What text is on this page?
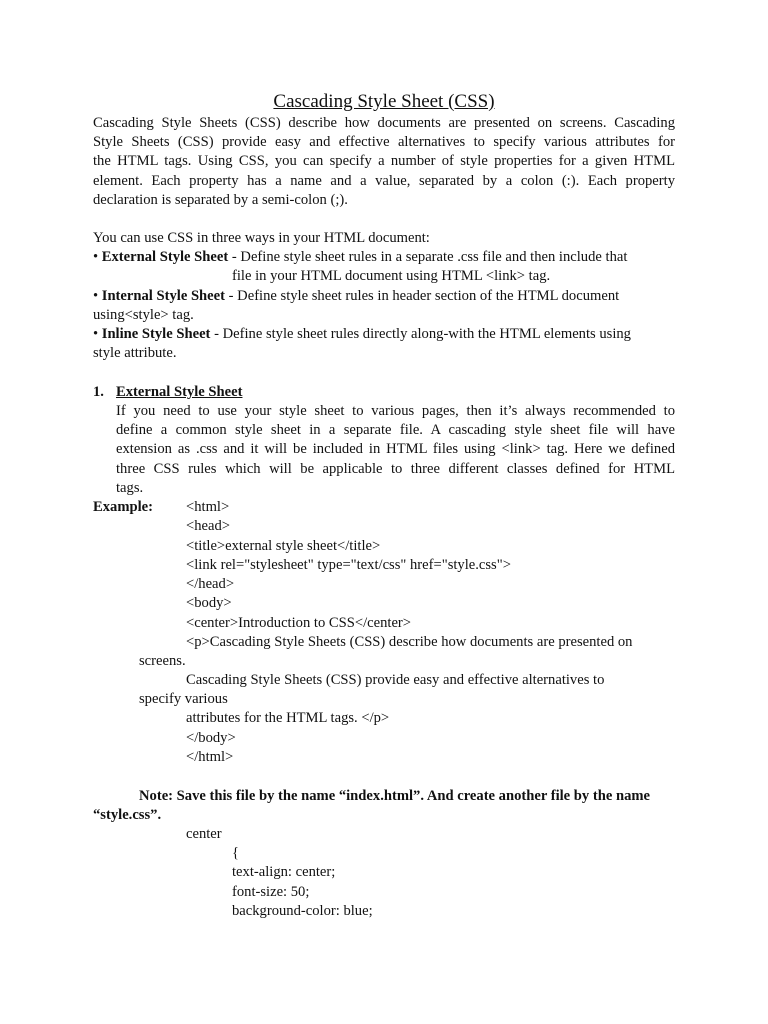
Cascading Style Sheet (CSS)
Cascading Style Sheets (CSS) describe how documents are presented on screens. Cascading
Style Sheets (CSS) provide easy and effective alternatives to specify various attributes for
the HTML tags. Using CSS, you can specify a number of style properties for a given HTML
element. Each property has a name and a value, separated by a colon (:). Each property
declaration is separated by a semi-colon (;).
You can use CSS in three ways in your HTML document:
• External Style Sheet - Define style sheet rules in a separate .css file and then include that
file in your HTML document using HTML <link> tag.
• Internal Style Sheet - Define style sheet rules in header section of the HTML document
using<style> tag.
• Inline Style Sheet - Define style sheet rules directly along-with the HTML elements using
style attribute.
1. External Style Sheet
If you need to use your style sheet to various pages, then it’s always recommended to
define a common style sheet in a separate file. A cascading style sheet file will have
extension as .css and it will be included in HTML files using <link> tag. Here we defined
three CSS rules which will be applicable to three different classes defined for HTML
tags.
Example: <html>
<head>
<title>external style sheet</title>
<link rel="stylesheet" type="text/css" href="style.css">
</head>
<body>
<center>Introduction to CSS</center>
<p>Cascading Style Sheets (CSS) describe how documents are presented on
screens.
Cascading Style Sheets (CSS) provide easy and effective alternatives to
specify various
attributes for the HTML tags. </p>
</body>
</html>
Note: Save this file by the name “index.html”. And create another file by the name
“style.css”.
center
{
text-align: center;
font-size: 50;
background-color: blue;
